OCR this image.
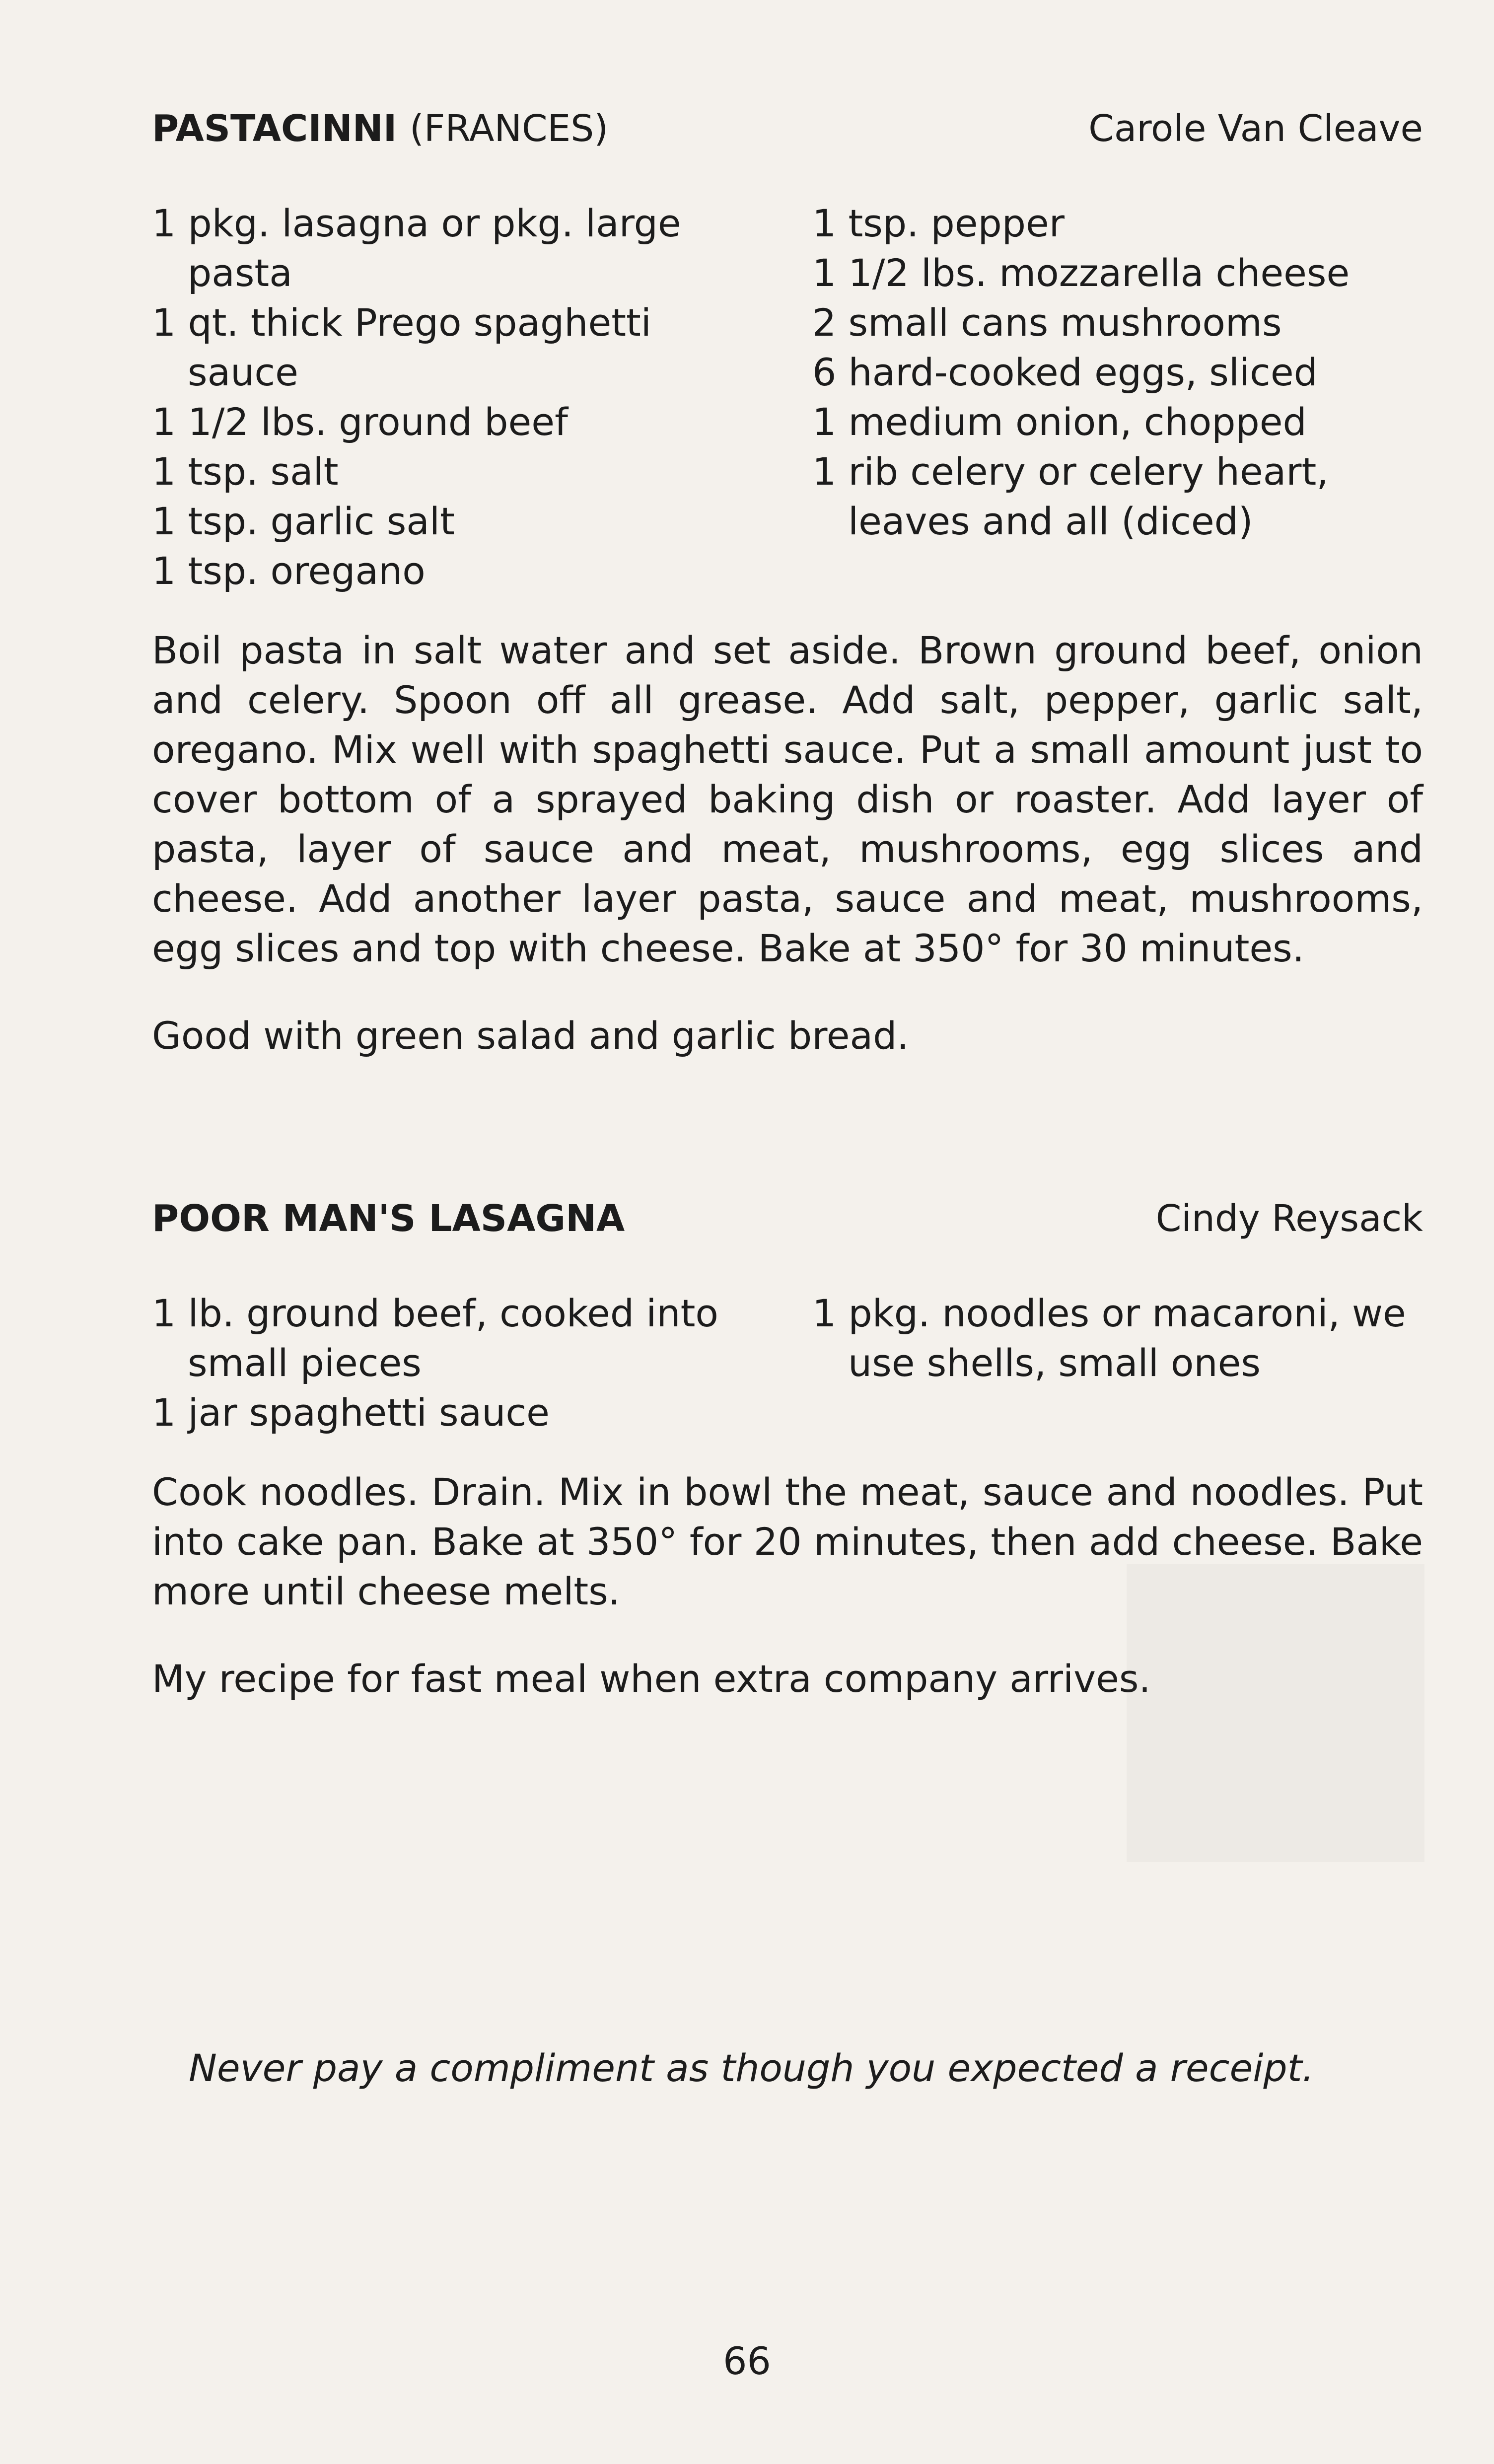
PASTACINNI (FRANCES)	Carole Van Cleave
1 pkg. lasagna or pkg. large pasta
1 qt. thick Prego spaghetti sauce
1 1/2 lbs. ground beef
1 tsp. salt
1 tsp. garlic salt
1 tsp. oregano
1 tsp. pepper
1 1/2 lbs. mozzarella cheese
2 small cans mushrooms
6 hard-cooked eggs, sliced
1 medium onion, chopped
1 rib celery or celery heart, leaves and all (diced)

Boil pasta in salt water and set aside. Brown ground beef, onion and celery. Spoon off all grease. Add salt, pepper, garlic salt, oregano. Mix well with spaghetti sauce. Put a small amount just to cover bottom of a sprayed baking dish or roaster. Add layer of pasta, layer of sauce and meat, mushrooms, egg slices and cheese. Add another layer pasta, sauce and meat, mushrooms, egg slices and top with cheese. Bake at 350° for 30 minutes.

Good with green salad and garlic bread.

POOR MAN'S LASAGNA	Cindy Reysack
1 lb. ground beef, cooked into small pieces
1 jar spaghetti sauce
1 pkg. noodles or macaroni, we use shells, small ones

Cook noodles. Drain. Mix in bowl the meat, sauce and noodles. Put into cake pan. Bake at 350° for 20 minutes, then add cheese. Bake more until cheese melts.

My recipe for fast meal when extra company arrives.

Never pay a compliment as though you expected a receipt.
66
